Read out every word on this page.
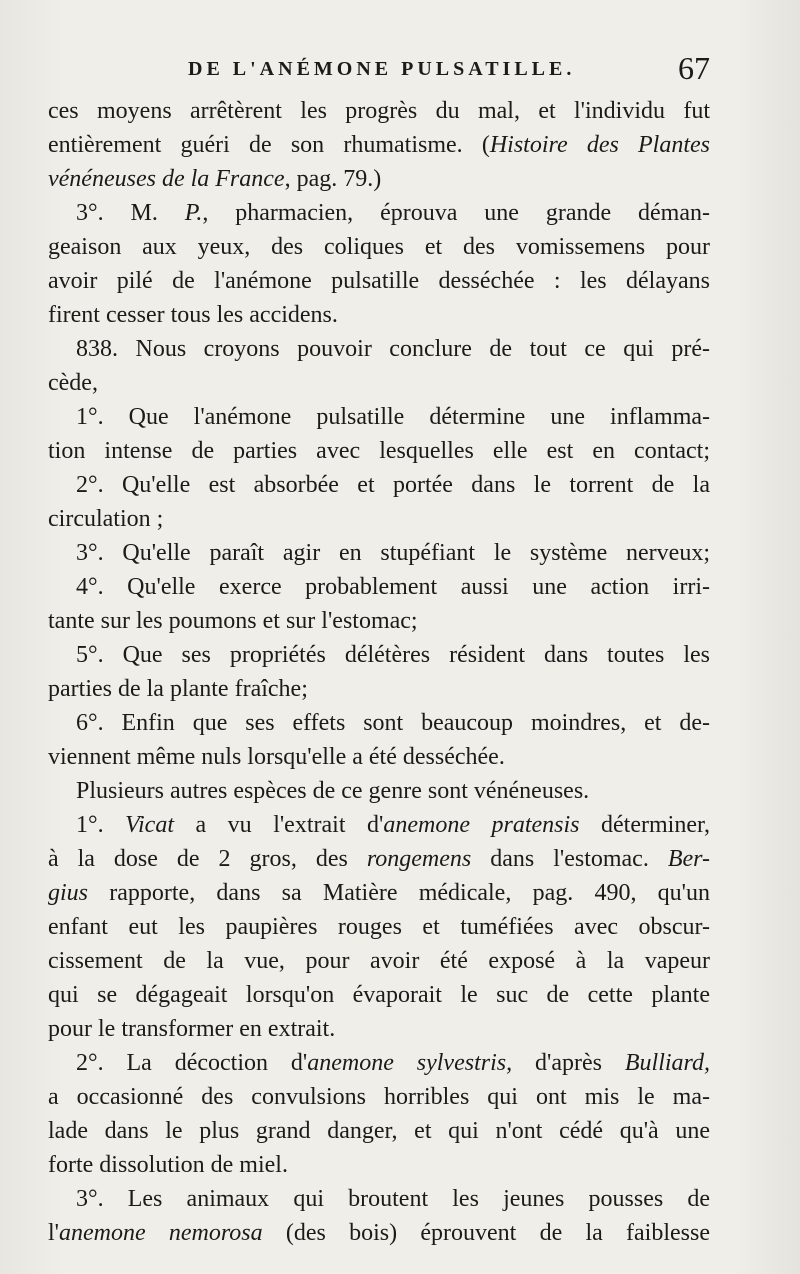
DE L'ANÉMONE PULSATILLE.	67
ces moyens arrêtèrent les progrès du mal, et l'individu fut
entièrement guéri de son rhumatisme. (Histoire des Plantes
vénéneuses de la France, pag. 79.)
3°. M. P., pharmacien, éprouva une grande déman-
geaison aux yeux, des coliques et des vomissemens pour
avoir pilé de l'anémone pulsatille desséchée : les délayans
firent cesser tous les accidens.
838. Nous croyons pouvoir conclure de tout ce qui pré-
cède,
1°. Que l'anémone pulsatille détermine une inflamma-
tion intense de parties avec lesquelles elle est en contact;
2°. Qu'elle est absorbée et portée dans le torrent de la
circulation ;
3°. Qu'elle paraît agir en stupéfiant le système nerveux;
4°. Qu'elle exerce probablement aussi une action irri-
tante sur les poumons et sur l'estomac;
5°. Que ses propriétés délétères résident dans toutes les
parties de la plante fraîche;
6°. Enfin que ses effets sont beaucoup moindres, et de-
viennent même nuls lorsqu'elle a été desséchée.
Plusieurs autres espèces de ce genre sont vénéneuses.
1°. Vicat a vu l'extrait d'anemone pratensis déterminer,
à la dose de 2 gros, des rongemens dans l'estomac. Ber-
gius rapporte, dans sa Matière médicale, pag. 490, qu'un
enfant eut les paupières rouges et tuméfiées avec obscur-
cissement de la vue, pour avoir été exposé à la vapeur
qui se dégageait lorsqu'on évaporait le suc de cette plante
pour le transformer en extrait.
2°. La décoction d'anemone sylvestris, d'après Bulliard,
a occasionné des convulsions horribles qui ont mis le ma-
lade dans le plus grand danger, et qui n'ont cédé qu'à une
forte dissolution de miel.
3°. Les animaux qui broutent les jeunes pousses de
l'anemone nemorosa (des bois) éprouvent de la faiblesse
